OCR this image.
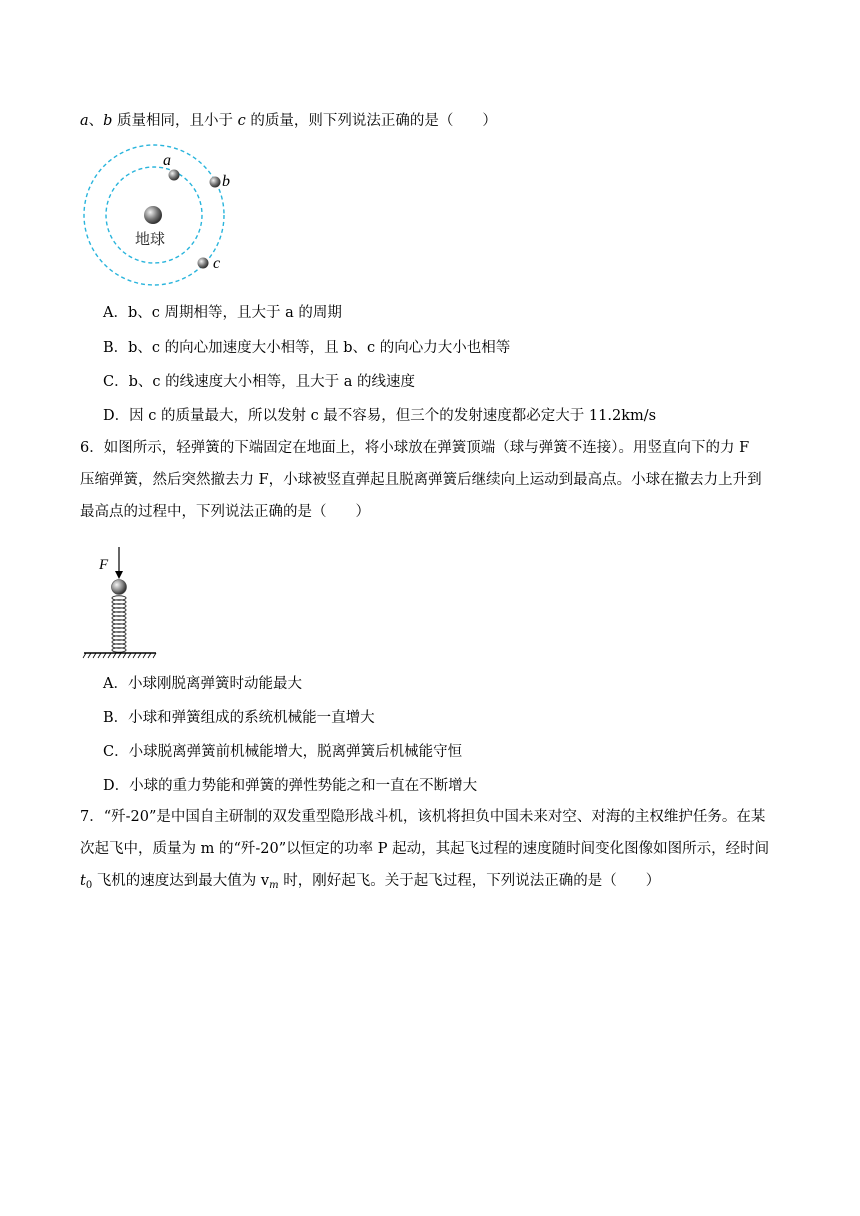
a、b 质量相同，且小于 c 的质量，则下列说法正确的是（　　）
地球
a
b
c
A．b、c 周期相等，且大于 a 的周期
B．b、c 的向心加速度大小相等，且 b、c 的向心力大小也相等
C．b、c 的线速度大小相等，且大于 a 的线速度
D．因 c 的质量最大，所以发射 c 最不容易，但三个的发射速度都必定大于 11.2km/s
6．如图所示，轻弹簧的下端固定在地面上，将小球放在弹簧顶端（球与弹簧不连接）。用竖直向下的力 F
压缩弹簧，然后突然撤去力 F，小球被竖直弹起且脱离弹簧后继续向上运动到最高点。小球在撤去力上升到
最高点的过程中，下列说法正确的是（　　）
F
A．小球刚脱离弹簧时动能最大
B．小球和弹簧组成的系统机械能一直增大
C．小球脱离弹簧前机械能增大，脱离弹簧后机械能守恒
D．小球的重力势能和弹簧的弹性势能之和一直在不断增大
7．“歼-20”是中国自主研制的双发重型隐形战斗机，该机将担负中国未来对空、对海的主权维护任务。在某
次起飞中，质量为 m 的“歼-20”以恒定的功率 P 起动，其起飞过程的速度随时间变化图像如图所示，经时间
$t_0$ 飞机的速度达到最大值为 $v_m$ 时，刚好起飞。关于起飞过程，下列说法正确的是（　　）
